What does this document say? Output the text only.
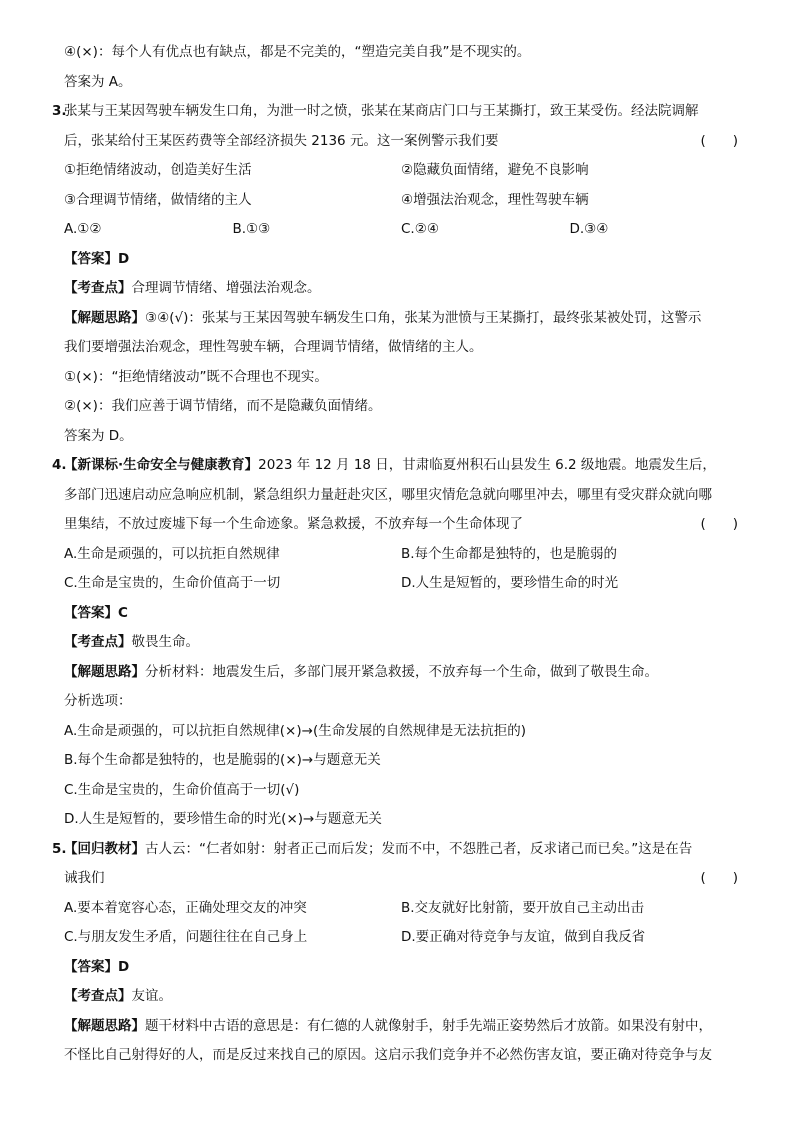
④(×)：每个人有优点也有缺点，都是不完美的，“塑造完美自我”是不现实的。
答案为 A。
3.
张某与王某因驾驶车辆发生口角，为泄一时之愤，张某在某商店门口与王某撕打，致王某受伤。经法院调解
后，张某给付王某医药费等全部经济损失 2136 元。这一案例警示我们要	(　　)
①拒绝情绪波动，创造美好生活	②隐藏负面情绪，避免不良影响
③合理调节情绪，做情绪的主人	④增强法治观念，理性驾驶车辆
A.①②	B.①③	C.②④	D.③④
【答案】D
【考查点】合理调节情绪、增强法治观念。
【解题思路】③④(√)：张某与王某因驾驶车辆发生口角，张某为泄愤与王某撕打，最终张某被处罚，这警示
我们要增强法治观念，理性驾驶车辆，合理调节情绪，做情绪的主人。
①(×)：“拒绝情绪波动”既不合理也不现实。
②(×)：我们应善于调节情绪，而不是隐藏负面情绪。
答案为 D。
4.
【新课标·生命安全与健康教育】2023 年 12 月 18 日，甘肃临夏州积石山县发生 6.2 级地震。地震发生后，
多部门迅速启动应急响应机制，紧急组织力量赶赴灾区，哪里灾情危急就向哪里冲去，哪里有受灾群众就向哪
里集结，不放过废墟下每一个生命迹象。紧急救援，不放弃每一个生命体现了	(　　)
A.生命是顽强的，可以抗拒自然规律	B.每个生命都是独特的，也是脆弱的
C.生命是宝贵的，生命价值高于一切	D.人生是短暂的，要珍惜生命的时光
【答案】C
【考查点】敬畏生命。
【解题思路】分析材料：地震发生后，多部门展开紧急救援，不放弃每一个生命，做到了敬畏生命。
分析选项：
A.生命是顽强的，可以抗拒自然规律(×)→(生命发展的自然规律是无法抗拒的)
B.每个生命都是独特的，也是脆弱的(×)→与题意无关
C.生命是宝贵的，生命价值高于一切(√)
D.人生是短暂的，要珍惜生命的时光(×)→与题意无关
5.
【回归教材】古人云：“仁者如射：射者正己而后发；发而不中，不怨胜己者，反求诸己而已矣。”这是在告
诫我们	(　　)
A.要本着宽容心态，正确处理交友的冲突	B.交友就好比射箭，要开放自己主动出击
C.与朋友发生矛盾，问题往往在自己身上	D.要正确对待竞争与友谊，做到自我反省
【答案】D
【考查点】友谊。
【解题思路】题干材料中古语的意思是：有仁德的人就像射手，射手先端正姿势然后才放箭。如果没有射中，
不怪比自己射得好的人，而是反过来找自己的原因。这启示我们竞争并不必然伤害友谊，要正确对待竞争与友
